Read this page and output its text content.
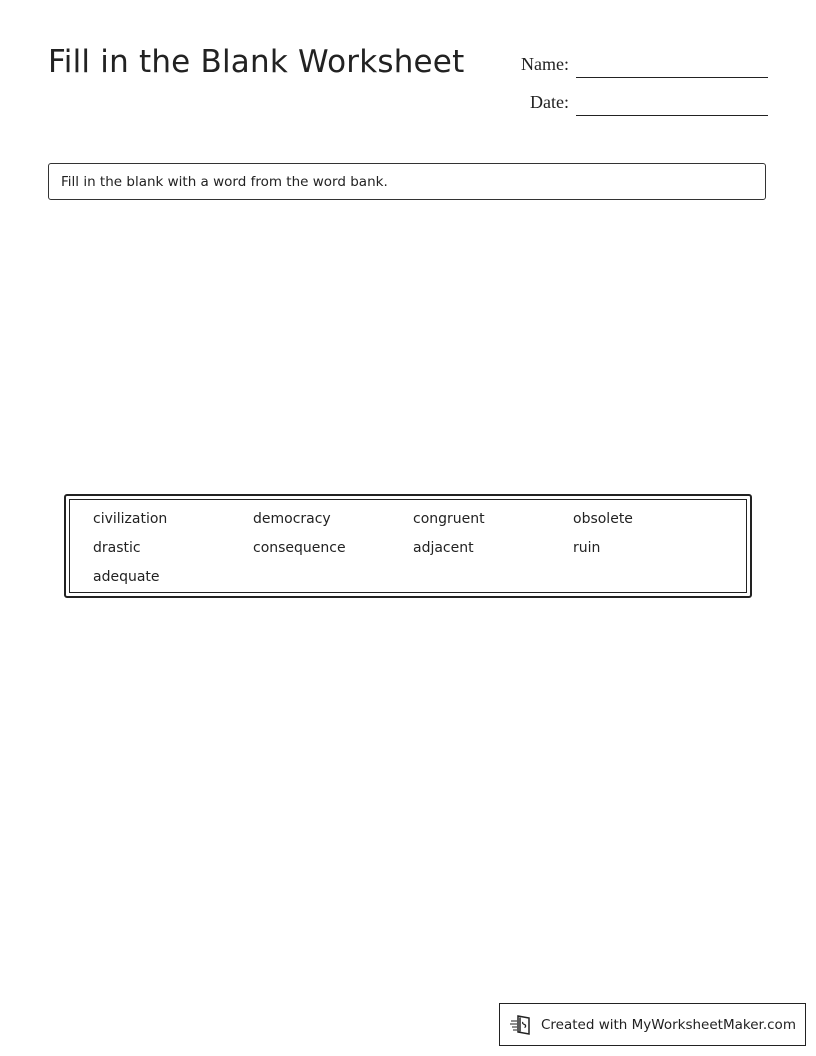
Fill in the Blank Worksheet	Name:
Date:
Fill in the blank with a word from the word bank.
civilization	democracy	congruent	obsolete
drastic	consequence	adjacent	ruin
adequate
Created with MyWorksheetMaker.com
